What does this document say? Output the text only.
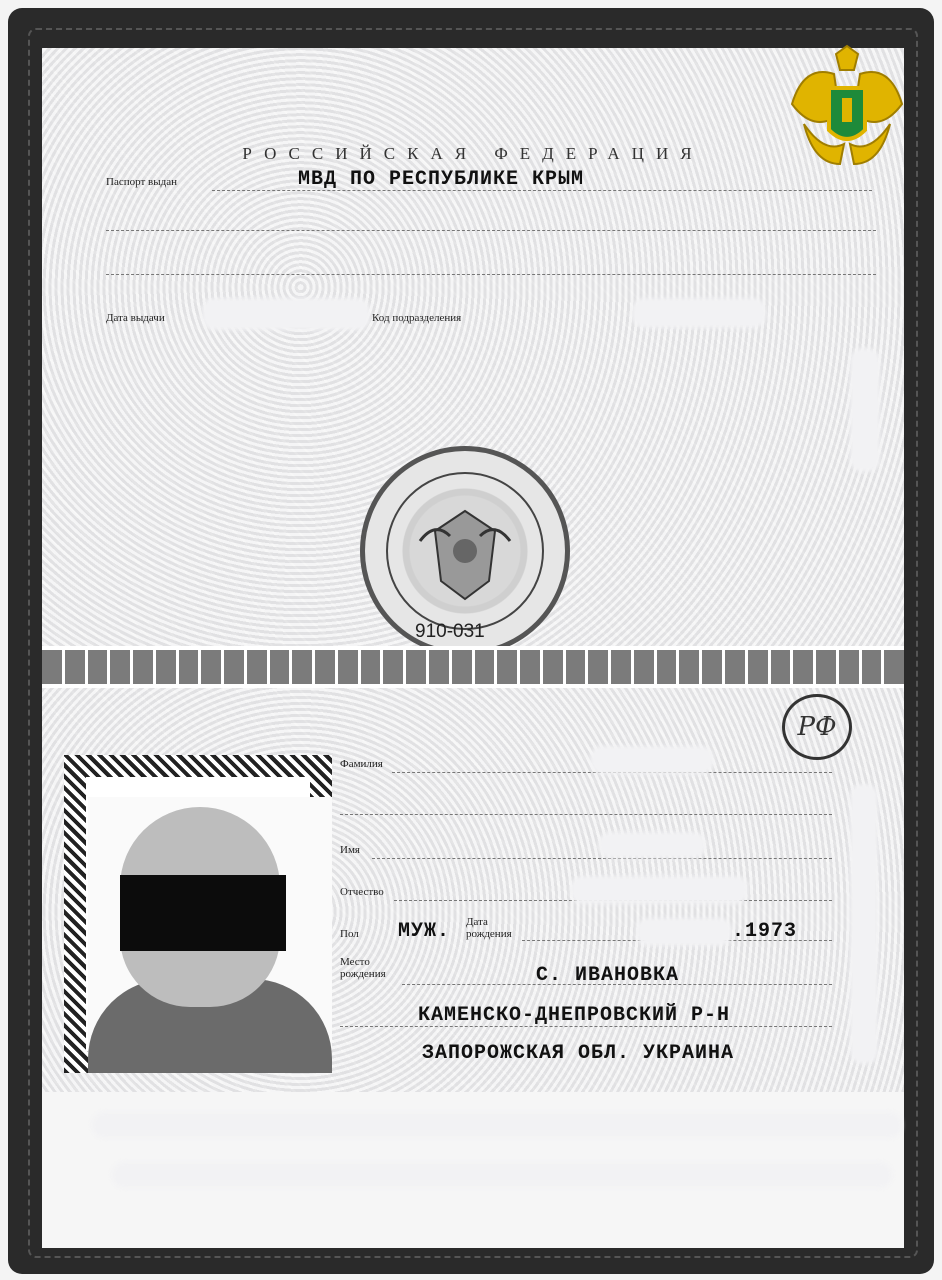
РОССИЙСКАЯ ФЕДЕРАЦИЯ
Паспорт выдан	МВД ПО РЕСПУБЛИКЕ КРЫМ
Дата выдачи	Код подразделения
910-031
РФ
Фамилия
Имя
Отчество
Пол МУЖ. Дата рождения	.1973
Место рождения	С. ИВАНОВКА
КАМЕНСКО-ДНЕПРОВСКИЙ Р-Н
ЗАПОРОЖСКАЯ ОБЛ. УКРАИНА
